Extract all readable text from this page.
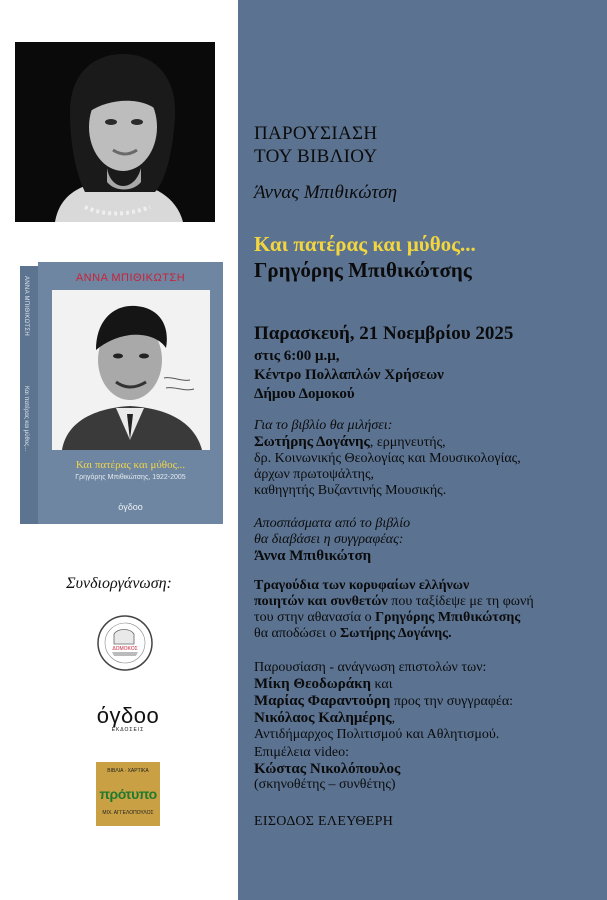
ΑΝΝΑ ΜΠΙΘΙΚΩΤΣΗ
Και πατέρας και μύθος...
ΑΝΝΑ ΜΠΙΘΙΚΩΤΣΗ
Και πατέρας και μύθος...
Γρηγόρης Μπιθικώτσης, 1922-2005
όγδοο
Συνδιοργάνωση:
ΔΟΜΟΚΟΣ
όγδοο
ΕΚΔΟΣΕΙΣ
ΒΙΒΛΙΑ · ΧΑΡΤΙΚΑ
πρότυπο
ΜΙΧ. ΑΓΓΕΛΟΠΟΥΛΟΣ
ΠΑΡΟΥΣΙΑΣΗ
ΤΟΥ ΒΙΒΛΙΟΥ
Άννας Μπιθικώτση
Και πατέρας και μύθος...
Γρηγόρης Μπιθικώτσης
Παρασκευή, 21 Νοεμβρίου 2025
στις 6:00 μ.μ,
Κέντρο Πολλαπλών Χρήσεων
Δήμου Δομοκού
Για το βιβλίο θα μιλήσει:
Σωτήρης Δογάνης, ερμηνευτής,
δρ. Κοινωνικής Θεολογίας και Μουσικολογίας,
άρχων πρωτοψάλτης,
καθηγητής Βυζαντινής Μουσικής.
Αποσπάσματα από το βιβλίο
θα διαβάσει η συγγραφέας:
Άννα Μπιθικώτση
Τραγούδια των κορυφαίων ελλήνων
ποιητών και συνθετών που ταξίδεψε με τη φωνή
του στην αθανασία ο Γρηγόρης Μπιθικώτσης
θα αποδώσει ο Σωτήρης Δογάνης.
Παρουσίαση - ανάγνωση επιστολών των:
Μίκη Θεοδωράκη και
Μαρίας Φαραντούρη προς την συγγραφέα:
Νικόλαος Καλημέρης,
Αντιδήμαρχος Πολιτισμού και Αθλητισμού.
Επιμέλεια video:
Κώστας Νικολόπουλος
(σκηνοθέτης – συνθέτης)
ΕΙΣΟΔΟΣ ΕΛΕΥΘΕΡΗ
